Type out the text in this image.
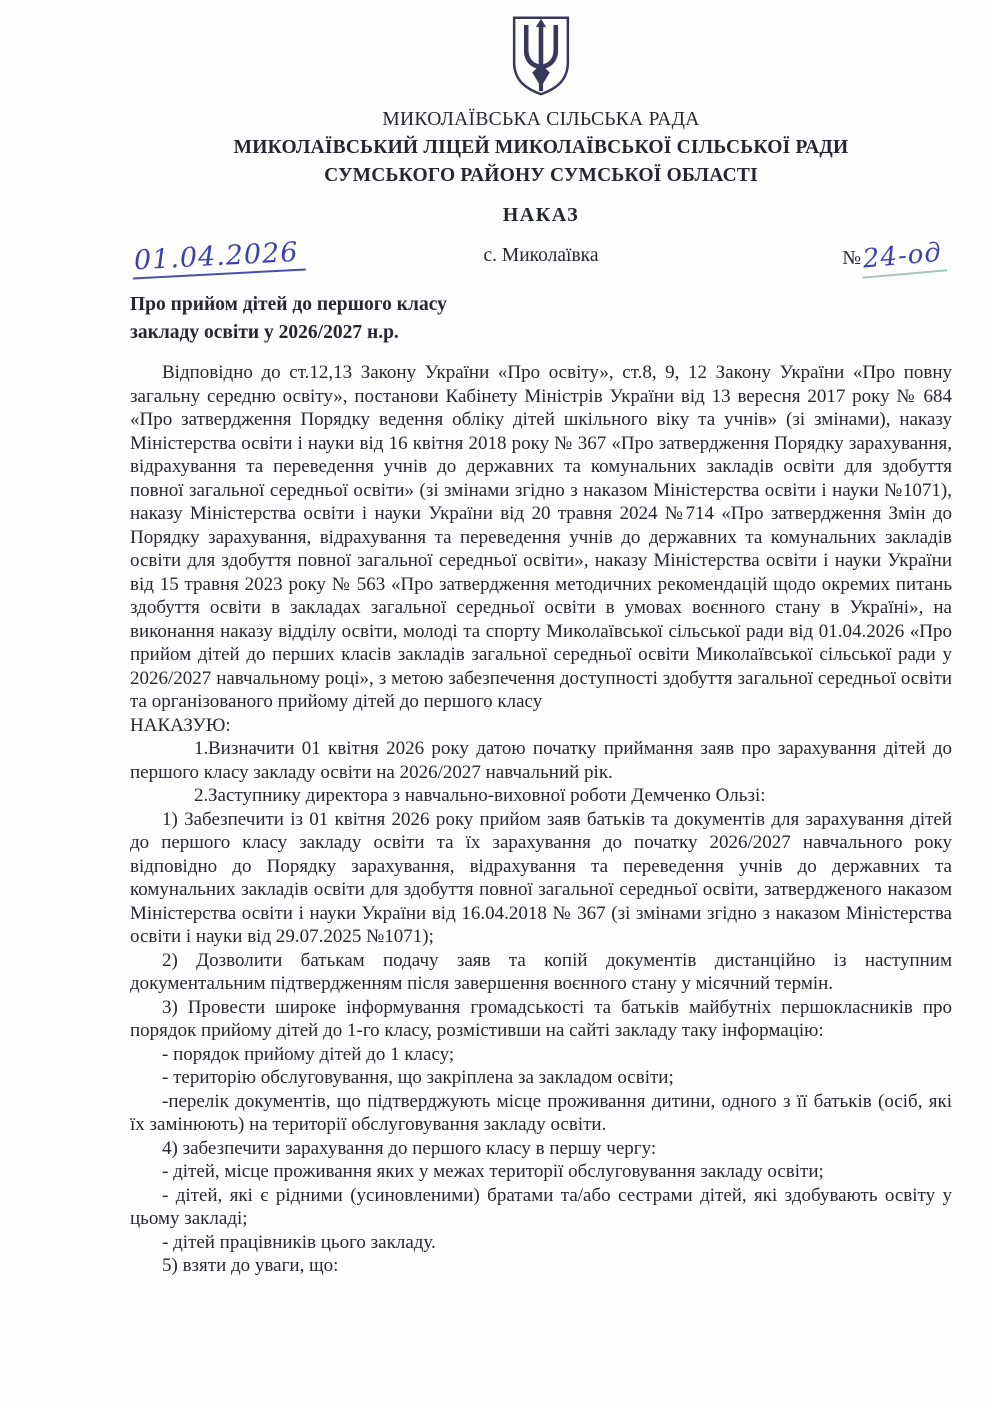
МИКОЛАЇВСЬКА СІЛЬСЬКА РАДА
МИКОЛАЇВСЬКИЙ ЛІЦЕЙ МИКОЛАЇВСЬКОЇ СІЛЬСЬКОЇ РАДИ
СУМСЬКОГО РАЙОНУ СУМСЬКОЇ ОБЛАСТІ
НАКАЗ
01.04.2026	с. Миколаївка	№24-од
Про прийом дітей до першого класу
закладу освіти у 2026/2027 н.р.

Відповідно до ст.12,13 Закону України «Про освіту», ст.8, 9, 12 Закону України «Про повну загальну середню освіту», постанови Кабінету Міністрів України від 13 вересня 2017 року № 684 «Про затвердження Порядку ведення обліку дітей шкільного віку та учнів» (зі змінами), наказу Міністерства освіти і науки від 16 квітня 2018 року № 367 «Про затвердження Порядку зарахування, відрахування та переведення учнів до державних та комунальних закладів освіти для здобуття повної загальної середньої освіти» (зі змінами згідно з наказом Міністерства освіти і науки №1071), наказу Міністерства освіти і науки України від 20 травня 2024 №714 «Про затвердження Змін до Порядку зарахування, відрахування та переведення учнів до державних та комунальних закладів освіти для здобуття повної загальної середньої освіти», наказу Міністерства освіти і науки України від 15 травня 2023 року № 563 «Про затвердження методичних рекомендацій щодо окремих питань здобуття освіти в закладах загальної середньої освіти в умовах воєнного стану в Україні», на виконання наказу відділу освіти, молоді та спорту Миколаївської сільської ради від 01.04.2026 «Про прийом дітей до перших класів закладів загальної середньої освіти Миколаївської сільської ради у 2026/2027 навчальному році», з метою забезпечення доступності здобуття загальної середньої освіти та організованого прийому дітей до першого класу

НАКАЗУЮ:

1.Визначити 01 квітня 2026 року датою початку приймання заяв про зарахування дітей до першого класу закладу освіти на 2026/2027 навчальний рік.

2.Заступнику директора з навчально-виховної роботи Демченко Ользі:

1) Забезпечити із 01 квітня 2026 року прийом заяв батьків та документів для зарахування дітей до першого класу закладу освіти та їх зарахування до початку 2026/2027 навчального року відповідно до Порядку зарахування, відрахування та переведення учнів до державних та комунальних закладів освіти для здобуття повної загальної середньої освіти, затвердженого наказом Міністерства освіти і науки України від 16.04.2018 № 367 (зі змінами згідно з наказом Міністерства освіти і науки від 29.07.2025 №1071);

2) Дозволити батькам подачу заяв та копій документів дистанційно із наступним документальним підтвердженням після завершення воєнного стану у місячний термін.

3) Провести широке інформування громадськості та батьків майбутніх першокласників про порядок прийому дітей до 1-го класу, розмістивши на сайті закладу таку інформацію:

- порядок прийому дітей до 1 класу;

- територію обслуговування, що закріплена за закладом освіти;

-перелік документів, що підтверджують місце проживання дитини, одного з її батьків (осіб, які їх замінюють) на території обслуговування закладу освіти.

4) забезпечити зарахування до першого класу в першу чергу:

- дітей, місце проживання яких у межах території обслуговування закладу освіти;

- дітей, які є рідними (усиновленими) братами та/або сестрами дітей, які здобувають освіту у цьому закладі;

- дітей працівників цього закладу.

5) взяти до уваги, що:
